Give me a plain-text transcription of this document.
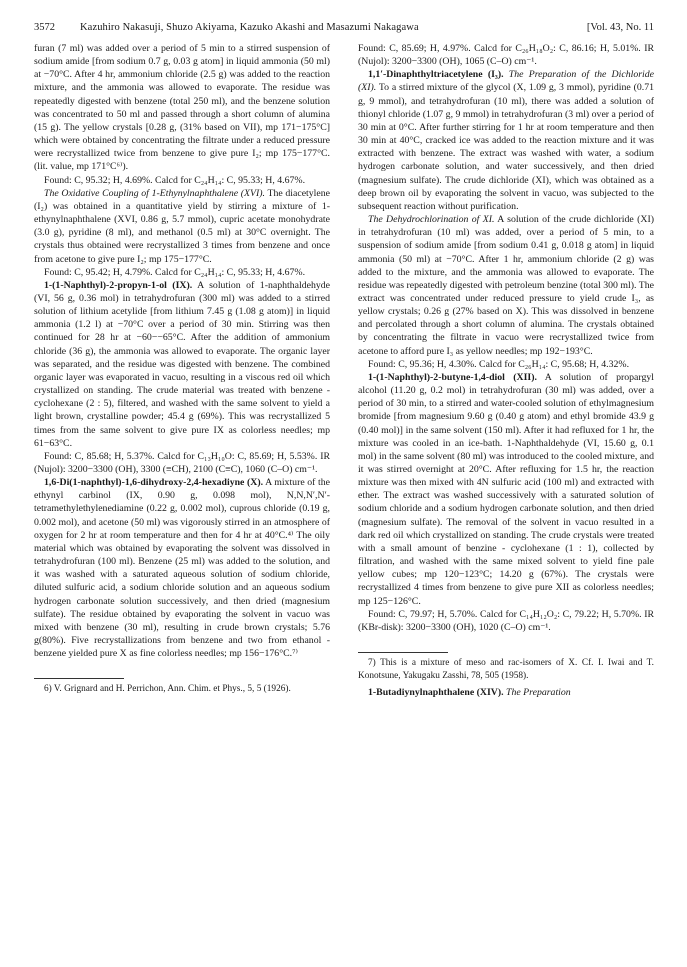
3572 Kazuhiro Nakasuji, Shuzo Akiyama, Kazuko Akashi and Masazumi Nakagawa	[Vol. 43, No. 11

furan (7 ml) was added over a period of 5 min to a stirred suspension of sodium amide [from sodium 0.7 g, 0.03 g atom] in liquid ammonia (50 ml) at −70°C. After 4 hr, ammonium chloride (2.5 g) was added to the reaction mixture, and the ammonia was allowed to evaporate. The residue was repeatedly digested with benzene (total 250 ml), and the benzene solution was concentrated to 50 ml and passed through a short column of alumina (15 g). The yellow crystals [0.28 g, (31% based on VII), mp 171−175°C] which were obtained by concentrating the filtrate under a reduced pressure were recrystallized twice from benzene to give pure I₂; mp 175−177°C. (lit. value, mp 171°C⁶⁾).

Found: C, 95.32; H, 4.69%. Calcd for C₂₄H₁₄: C, 95.33; H, 4.67%.

The Oxidative Coupling of 1-Ethynylnaphthalene (XVI). The diacetylene (I₂) was obtained in a quantitative yield by stirring a mixture of 1-ethynylnaphthalene (XVI, 0.86 g, 5.7 mmol), cupric acetate monohydrate (3.0 g), pyridine (8 ml), and methanol (0.5 ml) at 30°C overnight. The crystals thus obtained were recrystallized 3 times from benzene and once from acetone to give pure I₂; mp 175−177°C.

Found: C, 95.42; H, 4.79%. Calcd for C₂₄H₁₄: C, 95.33; H, 4.67%.

1-(1-Naphthyl)-2-propyn-1-ol (IX). A solution of 1-naphthaldehyde (VI, 56 g, 0.36 mol) in tetrahydrofuran (300 ml) was added to a stirred solution of lithium acetylide [from lithium 7.45 g (1.08 g atom)] in liquid ammonia (1.2 l) at −70°C over a period of 30 min. Stirring was then continued for 28 hr at −60−−65°C. After the addition of ammonium chloride (36 g), the ammonia was allowed to evaporate. The organic layer was separated, and the residue was digested with benzene. The combined organic layer was evaporated in vacuo, resulting in a viscous red oil which crystallized on standing. The crude material was treated with benzene - cyclohexane (2 : 5), filtered, and washed with the same solvent to yield a light brown, crystalline powder; 45.4 g (69%). This was recrystallized 5 times from the same solvent to give pure IX as colorless needles; mp 61−63°C.

Found: C, 85.68; H, 5.37%. Calcd for C₁₃H₁₀O: C, 85.69; H, 5.53%. IR (Nujol): 3200−3300 (OH), 3300 (≡CH), 2100 (C≡C), 1060 (C–O) cm⁻¹.

1,6-Di(1-naphthyl)-1,6-dihydroxy-2,4-hexadiyne (X). A mixture of the ethynyl carbinol (IX, 0.90 g, 0.098 mol), N,N,N′,N′-tetramethylethylenediamine (0.22 g, 0.002 mol), cuprous chloride (0.19 g, 0.002 mol), and acetone (50 ml) was vigorously stirred in an atmosphere of oxygen for 2 hr at room temperature and then for 4 hr at 40°C.⁴⁾ The oily material which was obtained by evaporating the solvent was dissolved in tetrahydrofuran (100 ml). Benzene (25 ml) was added to the solution, and it was washed with a saturated aqueous solution of sodium chloride, diluted sulfuric acid, a sodium chloride solution and an aqueous sodium hydrogen carbonate solution successively, and then dried (magnesium sulfate). The residue obtained by evaporating the solvent in vacuo was mixed with benzene (30 ml), resulting in crude brown crystals; 5.76 g(80%). Five recrystallizations from benzene and two from ethanol - benzene yielded pure X as fine colorless needles; mp 156−176°C.⁷⁾

6) V. Grignard and H. Perrichon, Ann. Chim. et Phys., 5, 5 (1926).

Found: C, 85.69; H, 4.97%. Calcd for C₂₆H₁₈O₂: C, 86.16; H, 5.01%. IR (Nujol): 3200−3300 (OH), 1065 (C–O) cm⁻¹.

1,1′-Dinaphthyltriacetylene (I₃). The Preparation of the Dichloride (XI). To a stirred mixture of the glycol (X, 1.09 g, 3 mmol), pyridine (0.71 g, 9 mmol), and tetrahydrofuran (10 ml), there was added a solution of thionyl chloride (1.07 g, 9 mmol) in tetrahydrofuran (3 ml) over a period of 30 min at 0°C. After further stirring for 1 hr at room temperature and then 30 min at 40°C, cracked ice was added to the reaction mixture and it was extracted with benzene. The extract was washed with water, a sodium hydrogen carbonate solution, and water successively, and then dried (magnesium sulfate). The crude dichloride (XI), which was obtained as a deep brown oil by evaporating the solvent in vacuo, was subjected to the subsequent reaction without purification.

The Dehydrochlorination of XI. A solution of the crude dichloride (XI) in tetrahydrofuran (10 ml) was added, over a period of 5 min, to a suspension of sodium amide [from sodium 0.41 g, 0.018 g atom] in liquid ammonia (50 ml) at −70°C. After 1 hr, ammonium chloride (2 g) was added to the mixture, and the ammonia was allowed to evaporate. The residue was repeatedly digested with petroleum benzine (total 300 ml). The extract was concentrated under reduced pressure to yield crude I₃, as yellow crystals; 0.26 g (27% based on X). This was dissolved in benzene and percolated through a short column of alumina. The crystals obtained by concentrating the filtrate in vacuo were recrystallized twice from acetone to afford pure I₃ as yellow needles; mp 192−193°C.

Found: C, 95.36; H, 4.30%. Calcd for C₂₆H₁₄: C, 95.68; H, 4.32%.

1-(1-Naphthyl)-2-butyne-1,4-diol (XII). A solution of propargyl alcohol (11.20 g, 0.2 mol) in tetrahydrofuran (30 ml) was added, over a period of 30 min, to a stirred and water-cooled solution of ethylmagnesium bromide [from magnesium 9.60 g (0.40 g atom) and ethyl bromide 43.9 g (0.40 mol)] in the same solvent (150 ml). After it had refluxed for 1 hr, the mixture was cooled in an ice-bath. 1-Naphthaldehyde (VI, 15.60 g, 0.1 mol) in the same solvent (80 ml) was introduced to the cooled mixture, and it was stirred overnight at 20°C. After refluxing for 1.5 hr, the reaction mixture was then mixed with 4N sulfuric acid (100 ml) and extracted with ether. The extract was washed successively with a saturated solution of sodium chloride and a sodium hydrogen carbonate solution, and then dried (magnesium sulfate). The removal of the solvent in vacuo resulted in a dark red oil which crystallized on standing. The crude crystals were treated with a small amount of benzine - cyclohexane (1 : 1), collected by filtration, and washed with the same mixed solvent to yield fine pale yellow cubes; mp 120−123°C; 14.20 g (67%). The crystals were recrystallized 4 times from benzene to give pure XII as colorless needles; mp 125−126°C.

Found: C, 79.97; H, 5.70%. Calcd for C₁₄H₁₂O₂: C, 79.22; H, 5.70%. IR (KBr-disk): 3200−3300 (OH), 1020 (C–O) cm⁻¹.

7) This is a mixture of meso and rac-isomers of X. Cf. I. Iwai and T. Konotsune, Yakugaku Zasshi, 78, 505 (1958).

1-Butadiynylnaphthalene (XIV). The Preparation
